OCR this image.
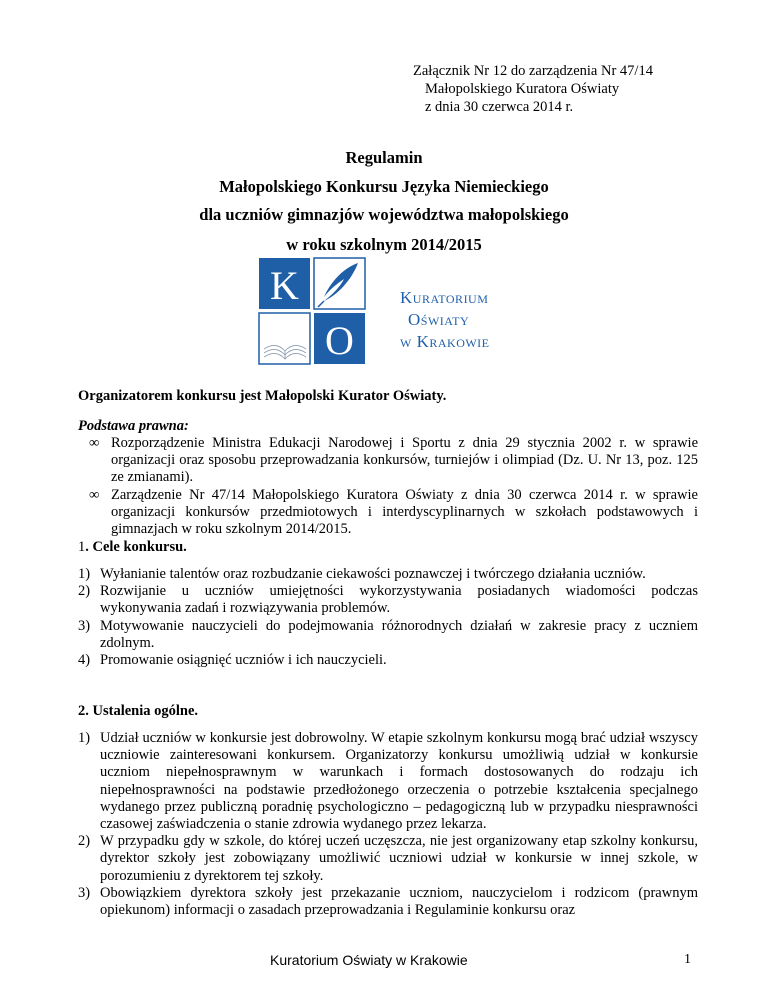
Załącznik Nr 12 do zarządzenia Nr 47/14
Małopolskiego Kuratora Oświaty
z dnia 30 czerwca 2014 r.
Regulamin
Małopolskiego Konkursu Języka Niemieckiego
dla uczniów gimnazjów województwa małopolskiego
w roku szkolnym 2014/2015
K
O
Kuratorium
Oświaty
w Krakowie
Organizatorem konkursu jest Małopolski Kurator Oświaty.
Podstawa prawna:
∞ Rozporządzenie Ministra Edukacji Narodowej i Sportu z dnia 29 stycznia 2002 r. w sprawie organizacji oraz sposobu przeprowadzania konkursów, turniejów i olimpiad (Dz. U. Nr 13, poz. 125 ze zmianami).
∞ Zarządzenie Nr 47/14 Małopolskiego Kuratora Oświaty z dnia 30 czerwca 2014 r. w sprawie organizacji konkursów przedmiotowych i interdyscyplinarnych w szkołach podstawowych i gimnazjach w roku szkolnym 2014/2015.
1. Cele konkursu.
1) Wyłanianie talentów oraz rozbudzanie ciekawości poznawczej i twórczego działania uczniów.
2) Rozwijanie u uczniów umiejętności wykorzystywania posiadanych wiadomości podczas wykonywania zadań i rozwiązywania problemów.
3) Motywowanie nauczycieli do podejmowania różnorodnych działań w zakresie pracy z uczniem zdolnym.
4) Promowanie osiągnięć uczniów i ich nauczycieli.
2. Ustalenia ogólne.
1) Udział uczniów w konkursie jest dobrowolny. W etapie szkolnym konkursu mogą brać udział wszyscy uczniowie zainteresowani konkursem. Organizatorzy konkursu umożliwią udział w konkursie uczniom niepełnosprawnym w warunkach i formach dostosowanych do rodzaju ich niepełnosprawności na podstawie przedłożonego orzeczenia o potrzebie kształcenia specjalnego wydanego przez publiczną poradnię psychologiczno – pedagogiczną lub w przypadku niesprawności czasowej zaświadczenia o stanie zdrowia wydanego przez lekarza.
2) W przypadku gdy w szkole, do której uczeń uczęszcza, nie jest organizowany etap szkolny konkursu, dyrektor szkoły jest zobowiązany umożliwić uczniowi udział w konkursie w innej szkole, w porozumieniu z dyrektorem tej szkoły.
3) Obowiązkiem dyrektora szkoły jest przekazanie uczniom, nauczycielom i rodzicom (prawnym opiekunom) informacji o zasadach przeprowadzania i Regulaminie konkursu oraz
Kuratorium Oświaty w Krakowie	1
